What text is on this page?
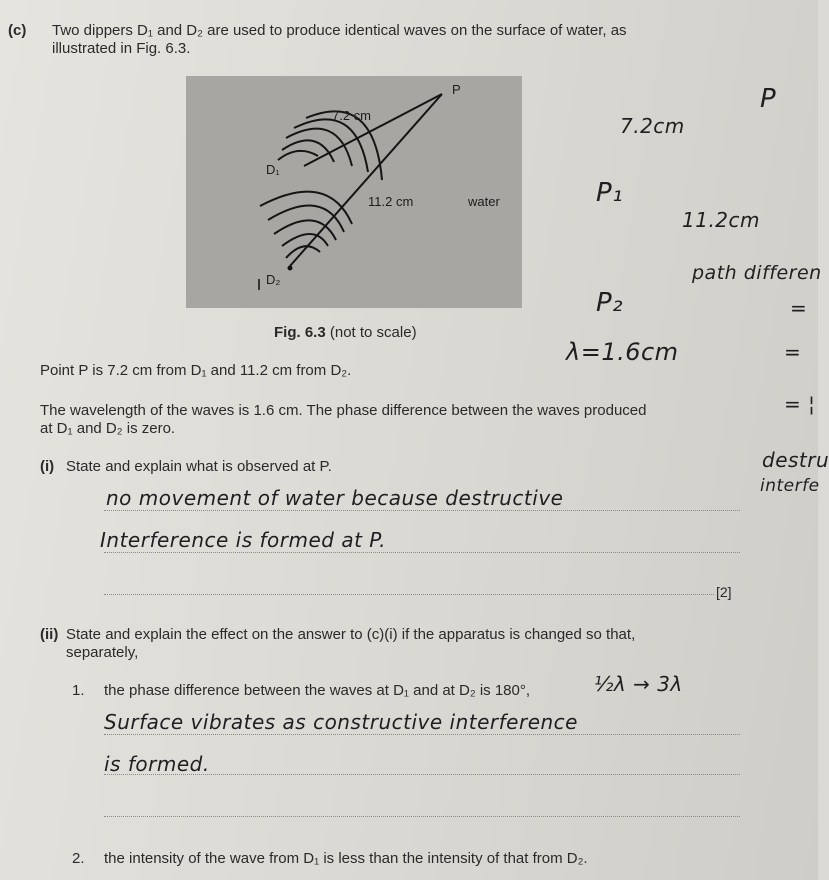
(c) Two dippers D₁ and D₂ are used to produce identical waves on the surface of water, as
illustrated in Fig. 6.3.
P
7.2 cm
D₁
11.2 cm	water
D₂
Fig. 6.3 (not to scale)
Point P is 7.2 cm from D₁ and 11.2 cm from D₂.
The wavelength of the waves is 1.6 cm. The phase difference between the waves produced
at D₁ and D₂ is zero.
(i) State and explain what is observed at P.
no movement of water because destructive
Interference is formed at P.
[2]
(ii) State and explain the effect on the answer to (c)(i) if the apparatus is changed so that,
separately,
1. the phase difference between the waves at D₁ and at D₂ is 180°,	½λ → 3λ
Surface vibrates as constructive interference
is formed.
2. the intensity of the wave from D₁ is less than the intensity of that from D₂.
P
7.2cm
P₁
11.2cm
path differen
=
P₂
λ=1.6cm	=
= ¦
destru
interfe
